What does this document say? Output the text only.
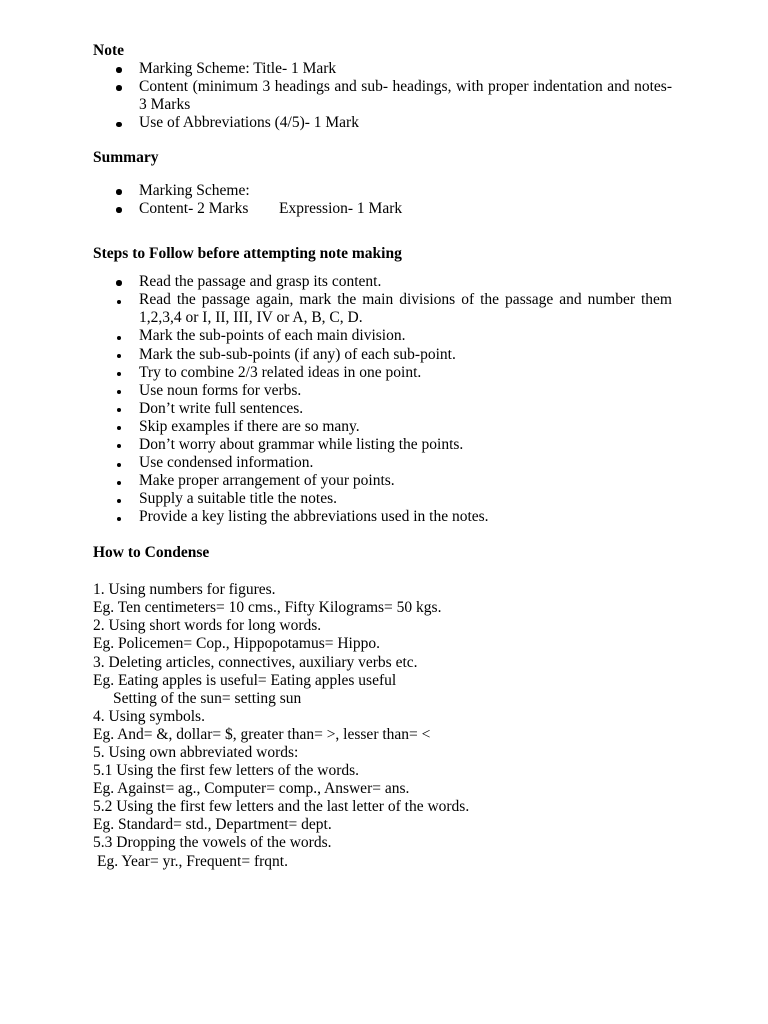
Note
Marking Scheme: Title- 1 Mark
Content (minimum 3 headings and sub- headings, with proper indentation and notes- 3 Marks
Use of Abbreviations (4/5)- 1 Mark
Summary
Marking Scheme:
Content- 2 Marks Expression- 1 Mark
Steps to Follow before attempting note making
Read the passage and grasp its content.
Read the passage again, mark the main divisions of the passage and number them 1,2,3,4 or I, II, III, IV or A, B, C, D.
Mark the sub-points of each main division.
Mark the sub-sub-points (if any) of each sub-point.
Try to combine 2/3 related ideas in one point.
Use noun forms for verbs.
Don’t write full sentences.
Skip examples if there are so many.
Don’t worry about grammar while listing the points.
Use condensed information.
Make proper arrangement of your points.
Supply a suitable title the notes.
Provide a key listing the abbreviations used in the notes.
How to Condense
1. Using numbers for figures.
Eg. Ten centimeters= 10 cms., Fifty Kilograms= 50 kgs.
2. Using short words for long words.
Eg. Policemen= Cop., Hippopotamus= Hippo.
3. Deleting articles, connectives, auxiliary verbs etc.
Eg. Eating apples is useful= Eating apples useful
Setting of the sun= setting sun
4. Using symbols.
Eg. And= &, dollar= $, greater than= >, lesser than= <
5. Using own abbreviated words:
5.1 Using the first few letters of the words.
Eg. Against= ag., Computer= comp., Answer= ans.
5.2 Using the first few letters and the last letter of the words.
Eg. Standard= std., Department= dept.
5.3 Dropping the vowels of the words.
Eg. Year= yr., Frequent= frqnt.
